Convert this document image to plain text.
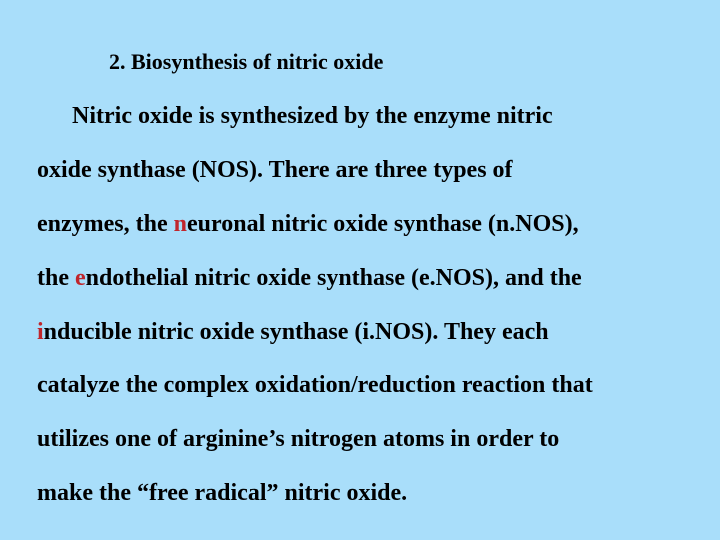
2. Biosynthesis of nitric oxide
Nitric oxide is synthesized by the enzyme nitric
oxide synthase (NOS). There are three types of
enzymes, the neuronal nitric oxide synthase (n.NOS),
the endothelial nitric oxide synthase (e.NOS), and the
inducible nitric oxide synthase (i.NOS). They each
catalyze the complex oxidation/reduction reaction that
utilizes one of arginine’s nitrogen atoms in order to
make the “free radical” nitric oxide.
